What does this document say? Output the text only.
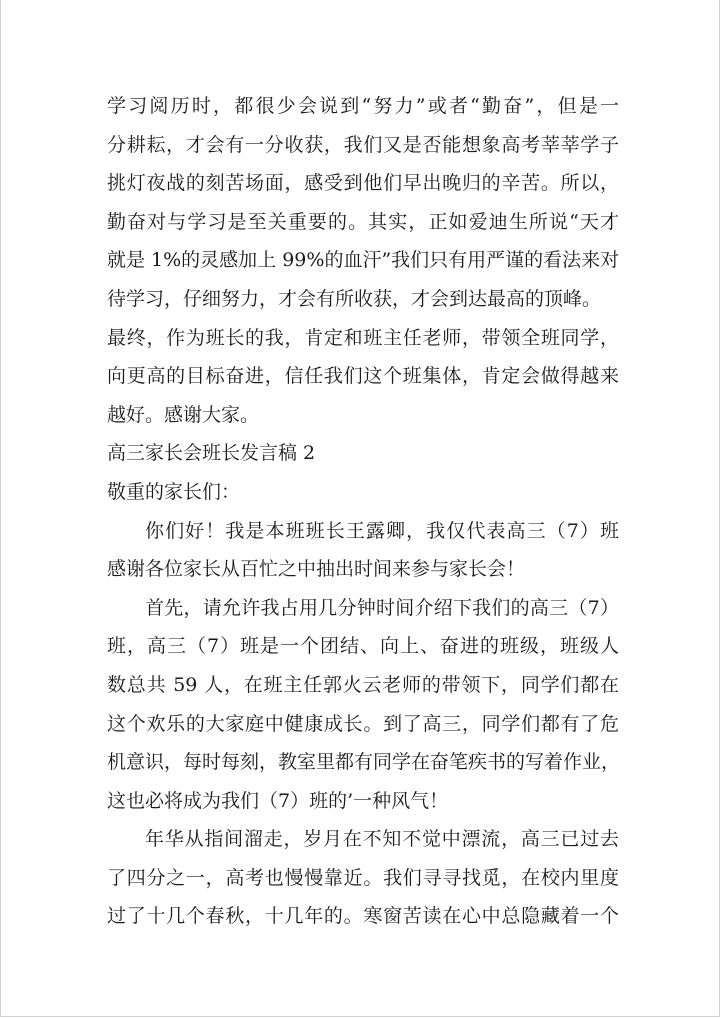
学习阅历时，都很少会说到“努力”或者“勤奋”，但是一
分耕耘，才会有一分收获，我们又是否能想象高考莘莘学子
挑灯夜战的刻苦场面，感受到他们早出晚归的辛苦。所以，
勤奋对与学习是至关重要的。其实，正如爱迪生所说“天才
就是 1%的灵感加上 99%的血汗”我们只有用严谨的看法来对
待学习，仔细努力，才会有所收获，才会到达最高的顶峰。
最终，作为班长的我，肯定和班主任老师，带领全班同学，
向更高的目标奋进，信任我们这个班集体，肯定会做得越来
越好。感谢大家。
高三家长会班长发言稿 2
敬重的家长们：
你们好！我是本班班长王露卿，我仅代表高三（7）班
感谢各位家长从百忙之中抽出时间来参与家长会！
首先，请允许我占用几分钟时间介绍下我们的高三（7）
班，高三（7）班是一个团结、向上、奋进的班级，班级人
数总共 59 人，在班主任郭火云老师的带领下，同学们都在
这个欢乐的大家庭中健康成长。到了高三，同学们都有了危
机意识，每时每刻，教室里都有同学在奋笔疾书的写着作业，
这也必将成为我们（7）班的’一种风气！
年华从指间溜走，岁月在不知不觉中漂流，高三已过去
了四分之一，高考也慢慢靠近。我们寻寻找觅，在校内里度
过了十几个春秋，十几年的。寒窗苦读在心中总隐藏着一个
